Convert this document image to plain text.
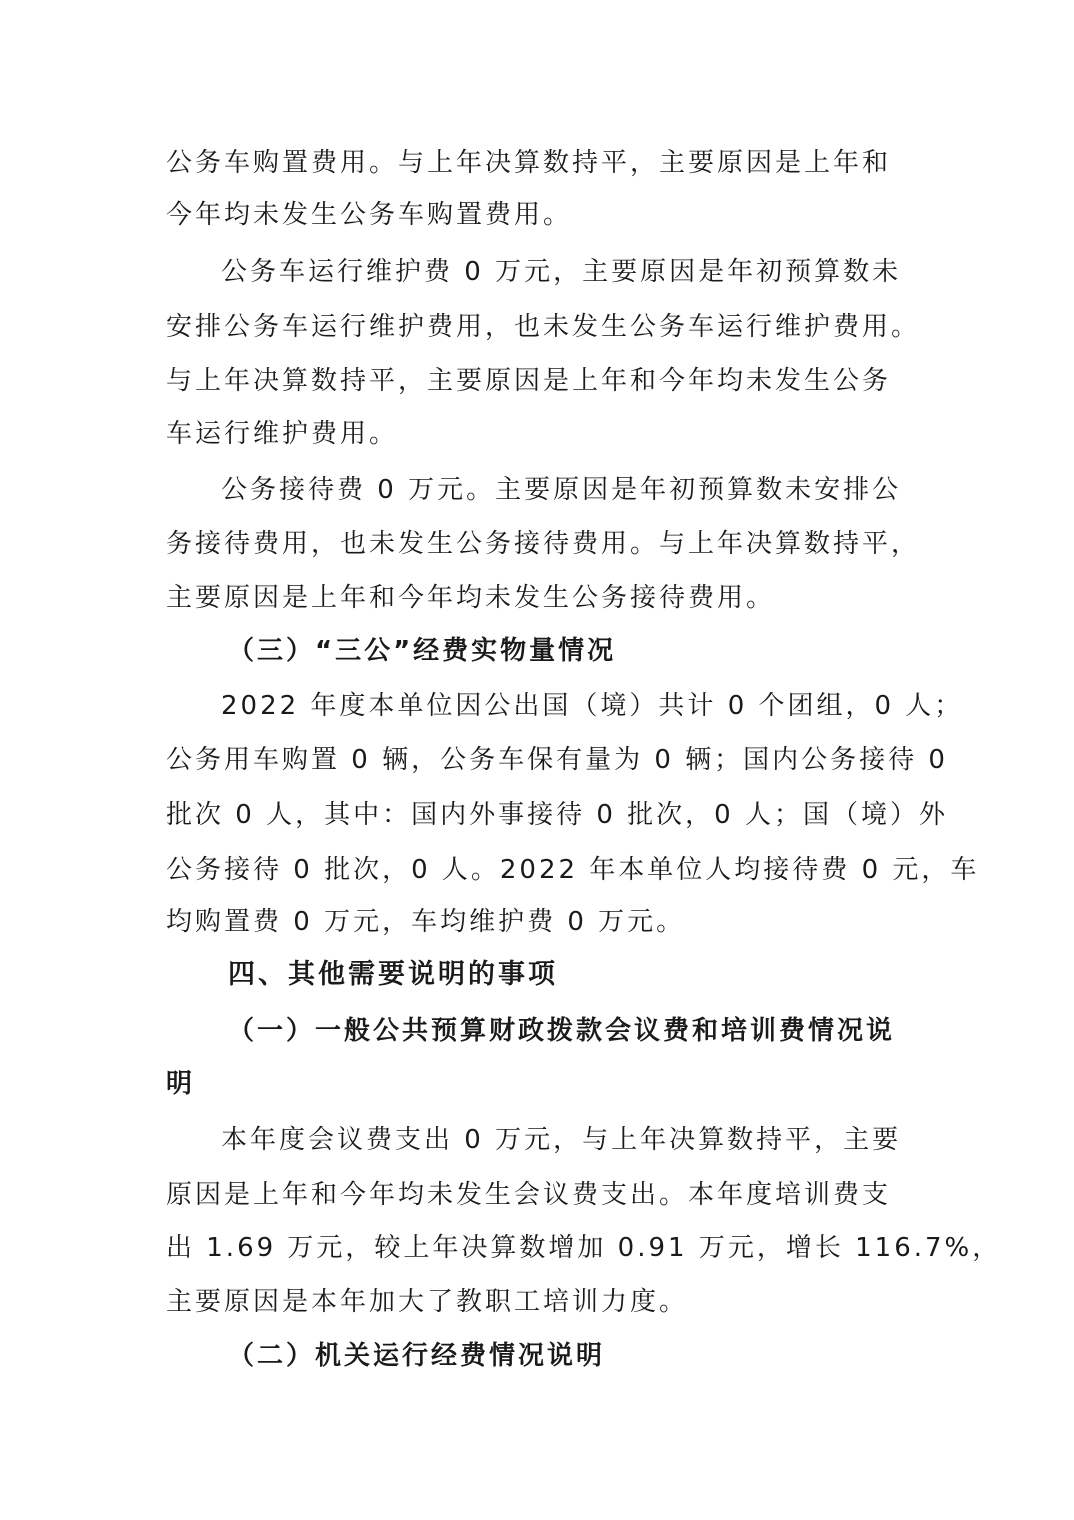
公务车购置费用。与上年决算数持平，主要原因是上年和
今年均未发生公务车购置费用。
公务车运行维护费 0 万元，主要原因是年初预算数未
安排公务车运行维护费用，也未发生公务车运行维护费用。
与上年决算数持平，主要原因是上年和今年均未发生公务
车运行维护费用。
公务接待费 0 万元。主要原因是年初预算数未安排公
务接待费用，也未发生公务接待费用。与上年决算数持平，
主要原因是上年和今年均未发生公务接待费用。
（三）“三公”经费实物量情况
2022 年度本单位因公出国（境）共计 0 个团组，0 人；
公务用车购置 0 辆，公务车保有量为 0 辆；国内公务接待 0
批次 0 人，其中：国内外事接待 0 批次，0 人；国（境）外
公务接待 0 批次，0 人。2022 年本单位人均接待费 0 元，车
均购置费 0 万元，车均维护费 0 万元。
四、其他需要说明的事项
（一）一般公共预算财政拨款会议费和培训费情况说
明
本年度会议费支出 0 万元，与上年决算数持平，主要
原因是上年和今年均未发生会议费支出。本年度培训费支
出 1.69 万元，较上年决算数增加 0.91 万元，增长 116.7%，
主要原因是本年加大了教职工培训力度。
（二）机关运行经费情况说明
